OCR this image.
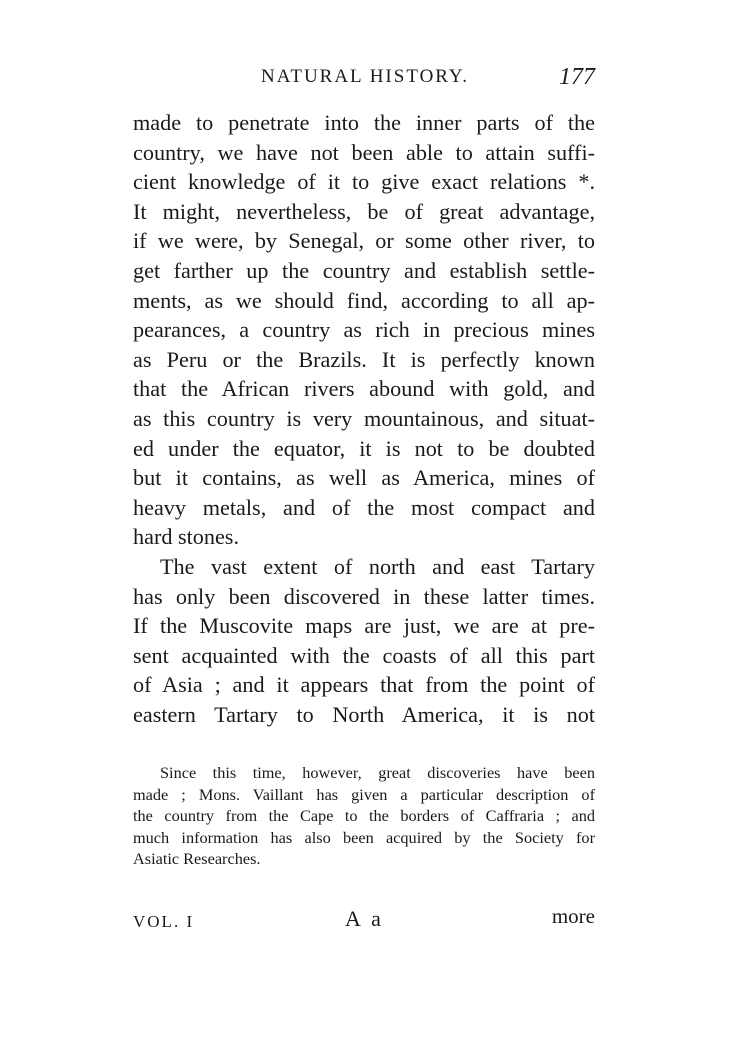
NATURAL HISTORY.	177
made to penetrate into the inner parts of the
country, we have not been able to attain suffi-
cient knowledge of it to give exact relations *.
It might, nevertheless, be of great advantage,
if we were, by Senegal, or some other river, to
get farther up the country and establish settle-
ments, as we should find, according to all ap-
pearances, a country as rich in precious mines
as Peru or the Brazils. It is perfectly known
that the African rivers abound with gold, and
as this country is very mountainous, and situat-
ed under the equator, it is not to be doubted
but it contains, as well as America, mines of
heavy metals, and of the most compact and
hard stones.
The vast extent of north and east Tartary
has only been discovered in these latter times.
If the Muscovite maps are just, we are at pre-
sent acquainted with the coasts of all this part
of Asia ; and it appears that from the point of
eastern Tartary to North America, it is not
Since this time, however, great discoveries have been
made ; Mons. Vaillant has given a particular description of
the country from the Cape to the borders of Caffraria ; and
much information has also been acquired by the Society for
Asiatic Researches.
VOL. I	A a	more
